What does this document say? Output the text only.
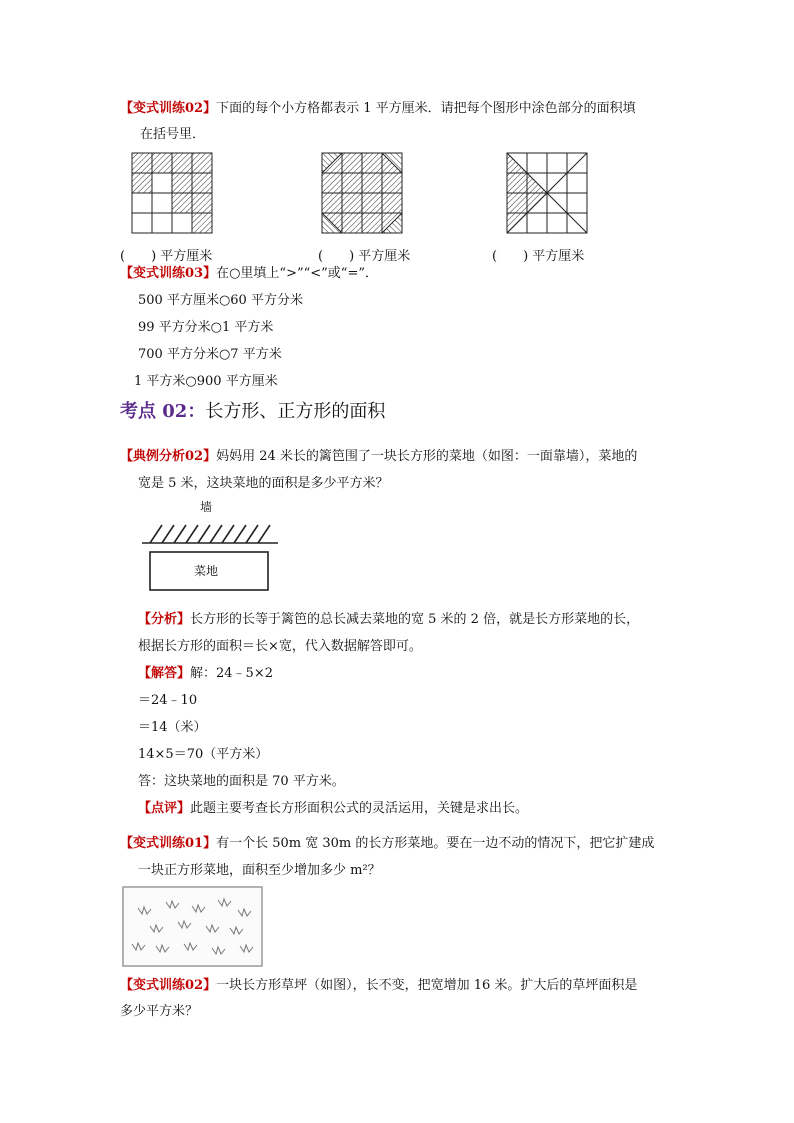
【变式训练02】下面的每个小方格都表示 1 平方厘米．请把每个图形中涂色部分的面积填
在括号里．
(　　) 平方厘米	(　　) 平方厘米	(　　) 平方厘米
【变式训练03】在○里填上“>”“<”或“=”．
500 平方厘米○60 平方分米
99 平方分米○1 平方米
700 平方分米○7 平方米
1 平方米○900 平方厘米
考点 02：长方形、正方形的面积
【典例分析02】妈妈用 24 米长的篱笆围了一块长方形的菜地（如图：一面靠墙），菜地的
宽是 5 米，这块菜地的面积是多少平方米？
墙
菜地
【分析】长方形的长等于篱笆的总长减去菜地的宽 5 米的 2 倍，就是长方形菜地的长，
根据长方形的面积＝长×宽，代入数据解答即可。
【解答】解：24﹣5×2
＝24﹣10
＝14（米）
14×5＝70（平方米）
答：这块菜地的面积是 70 平方米。
【点评】此题主要考查长方形面积公式的灵活运用，关键是求出长。
【变式训练01】有一个长 50m 宽 30m 的长方形菜地。要在一边不动的情况下，把它扩建成
一块正方形菜地，面积至少增加多少 m²？
【变式训练02】一块长方形草坪（如图），长不变，把宽增加 16 米。扩大后的草坪面积是
多少平方米？
